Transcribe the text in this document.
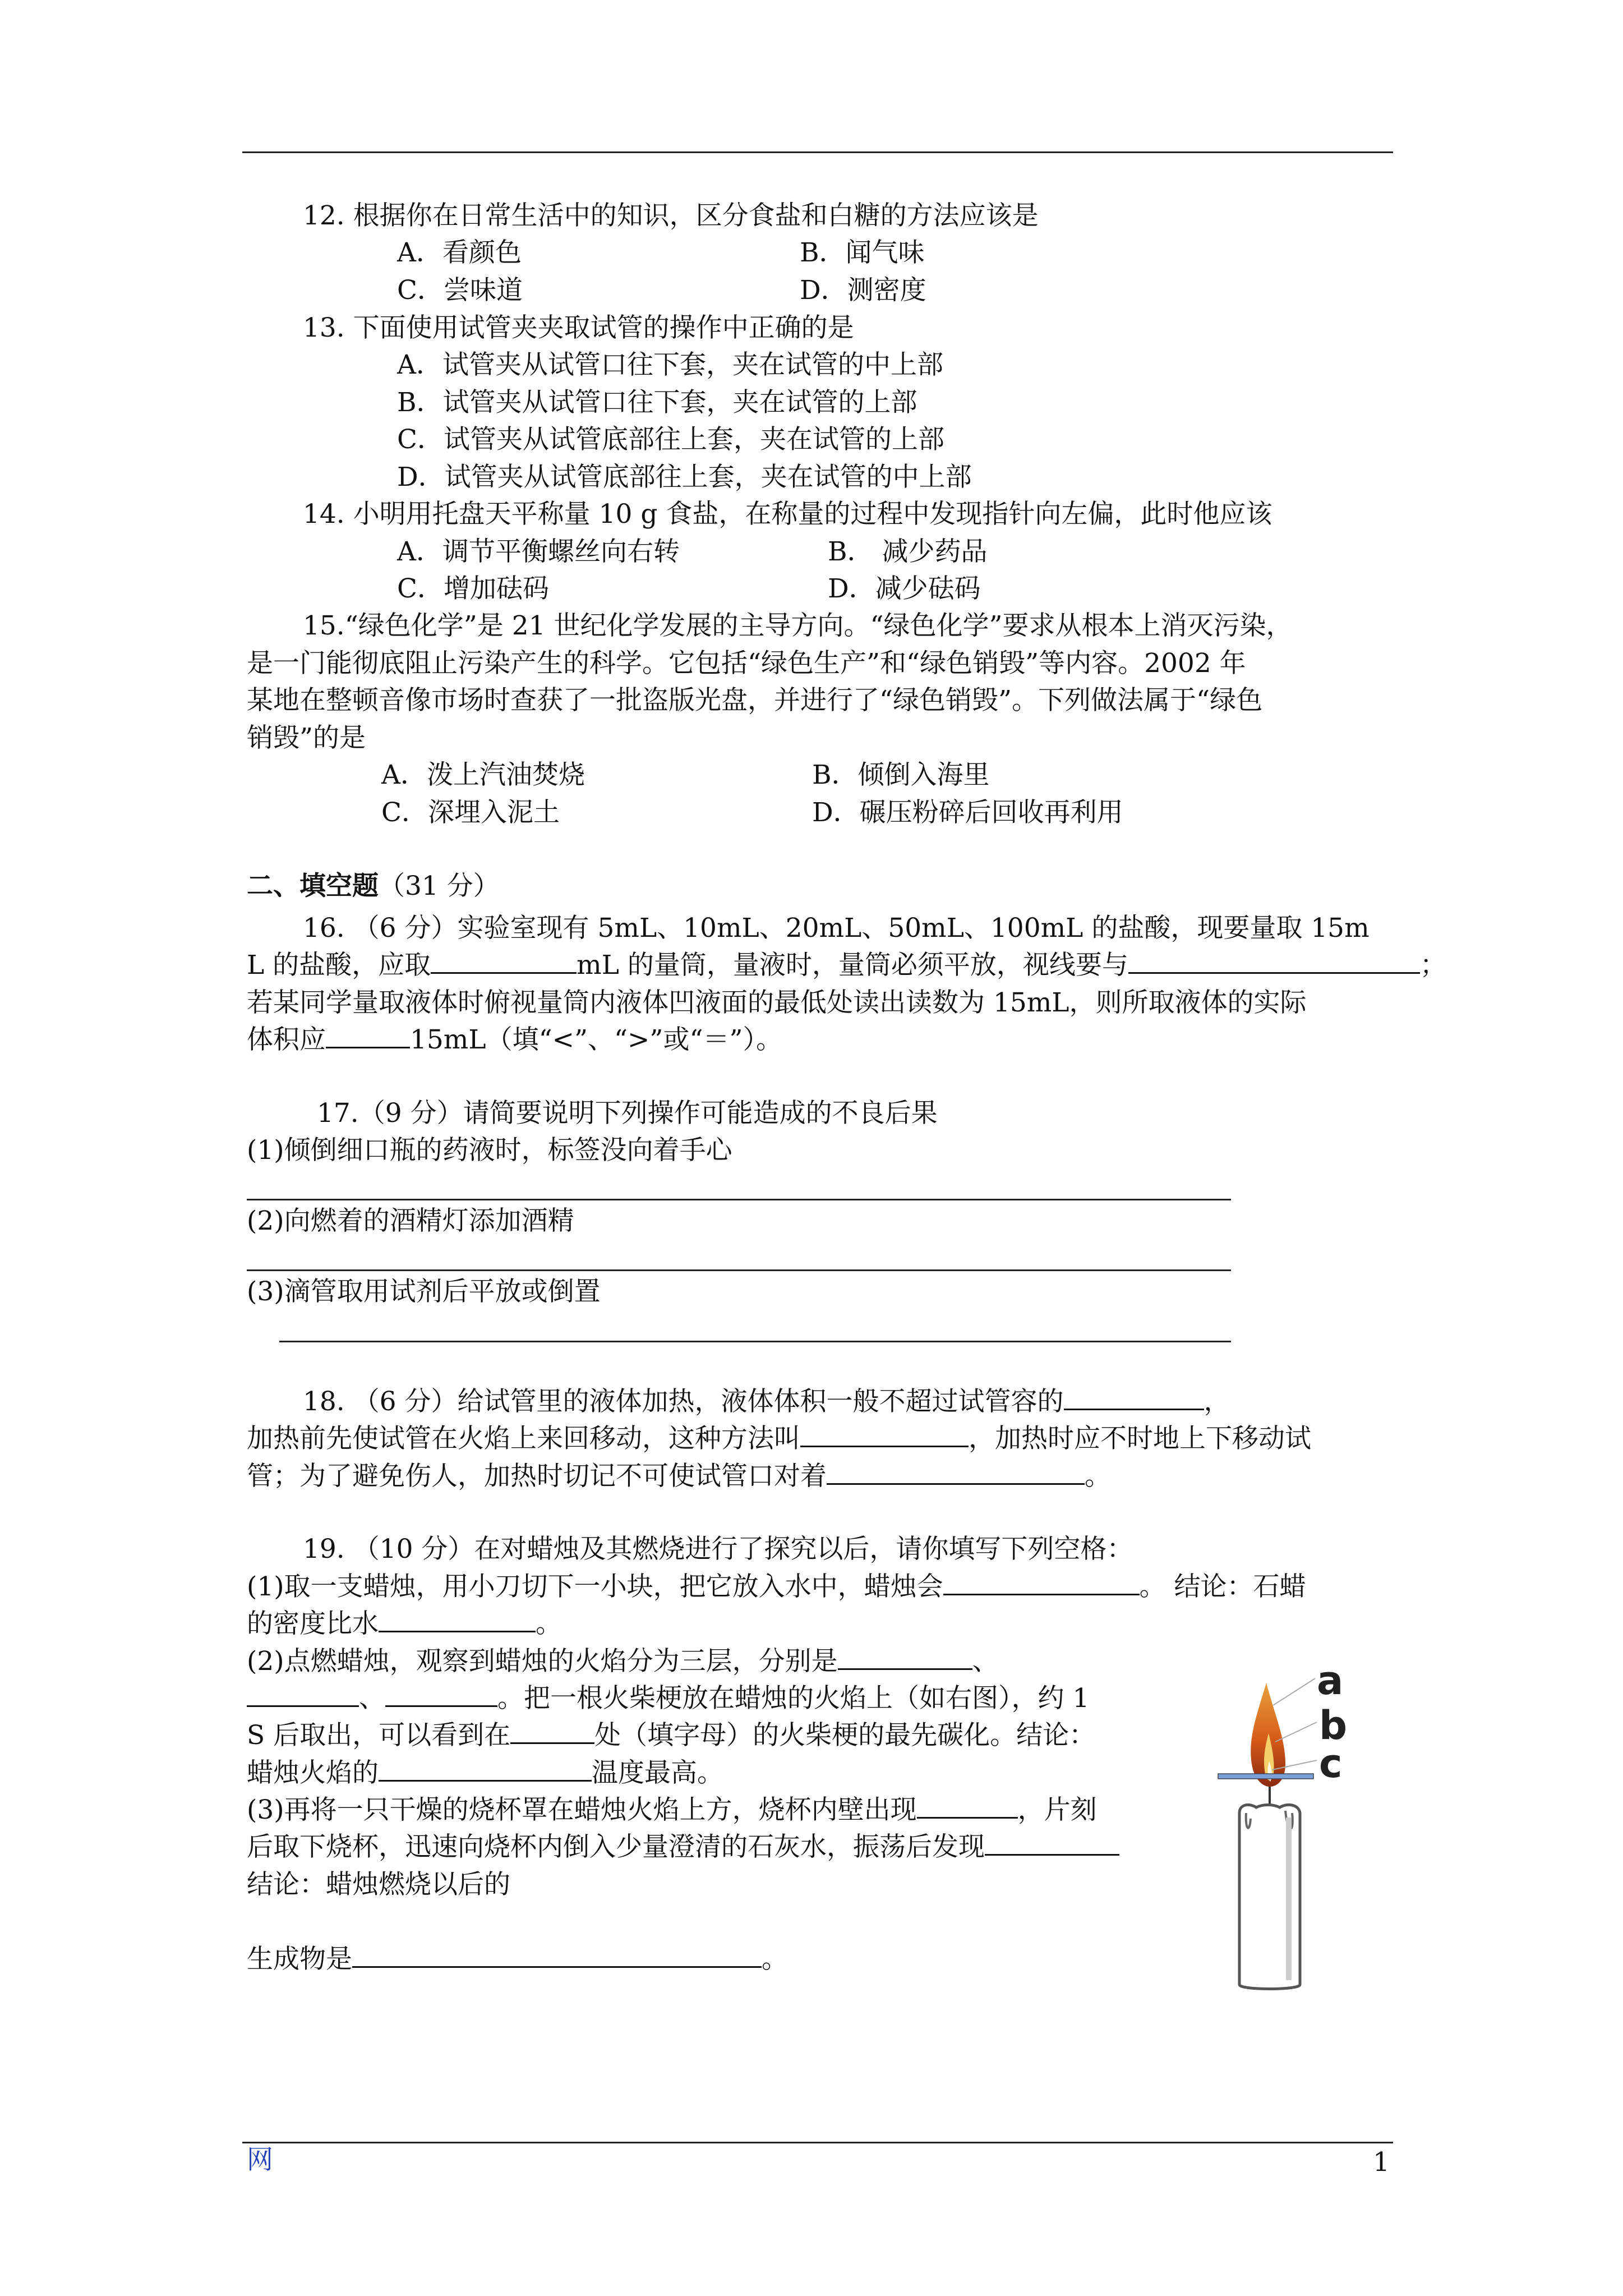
12. 根据你在日常生活中的知识，区分食盐和白糖的方法应该是
A．看颜色	B．闻气味
C．尝味道	D．测密度
13. 下面使用试管夹夹取试管的操作中正确的是
A．试管夹从试管口往下套，夹在试管的中上部
B．试管夹从试管口往下套，夹在试管的上部
C．试管夹从试管底部往上套，夹在试管的上部
D．试管夹从试管底部往上套，夹在试管的中上部
14. 小明用托盘天平称量 10 g 食盐，在称量的过程中发现指针向左偏，此时他应该
A．调节平衡螺丝向右转	B． 减少药品
C．增加砝码	D．减少砝码
15.“绿色化学”是 21 世纪化学发展的主导方向。“绿色化学”要求从根本上消灭污染，
是一门能彻底阻止污染产生的科学。它包括“绿色生产”和“绿色销毁”等内容。2002 年
某地在整顿音像市场时查获了一批盗版光盘，并进行了“绿色销毁”。下列做法属于“绿色
销毁”的是
A．泼上汽油焚烧	B．倾倒入海里
C．深埋入泥土	D．碾压粉碎后回收再利用
二、填空题（31 分）
16. （6 分）实验室现有 5mL、10mL、20mL、50mL、100mL 的盐酸，现要量取 15m
L 的盐酸，应取	mL 的量筒，量液时，量筒必须平放，视线要与	；
若某同学量取液体时俯视量筒内液体凹液面的最低处读出读数为 15mL，则所取液体的实际
体积应	15mL（填“<”、“>”或“＝”）。
17.（9 分）请简要说明下列操作可能造成的不良后果
(1)倾倒细口瓶的药液时，标签没向着手心
(2)向燃着的酒精灯添加酒精
(3)滴管取用试剂后平放或倒置
18. （6 分）给试管里的液体加热，液体体积一般不超过试管容的	，
加热前先使试管在火焰上来回移动，这种方法叫	，加热时应不时地上下移动试
管；为了避免伤人，加热时切记不可使试管口对着	。
19. （10 分）在对蜡烛及其燃烧进行了探究以后，请你填写下列空格：
(1)取一支蜡烛，用小刀切下一小块，把它放入水中，蜡烛会	。 结论：石蜡
的密度比水	。
(2)点燃蜡烛，观察到蜡烛的火焰分为三层，分别是	、
、	。把一根火柴梗放在蜡烛的火焰上（如右图），约 1
S 后取出，可以看到在	处（填字母）的火柴梗的最先碳化。结论：
蜡烛火焰的	温度最高。
(3)再将一只干燥的烧杯罩在蜡烛火焰上方，烧杯内壁出现	，片刻
后取下烧杯，迅速向烧杯内倒入少量澄清的石灰水，振荡后发现
结论：蜡烛燃烧以后的
生成物是	。
a
b
c
网	1
